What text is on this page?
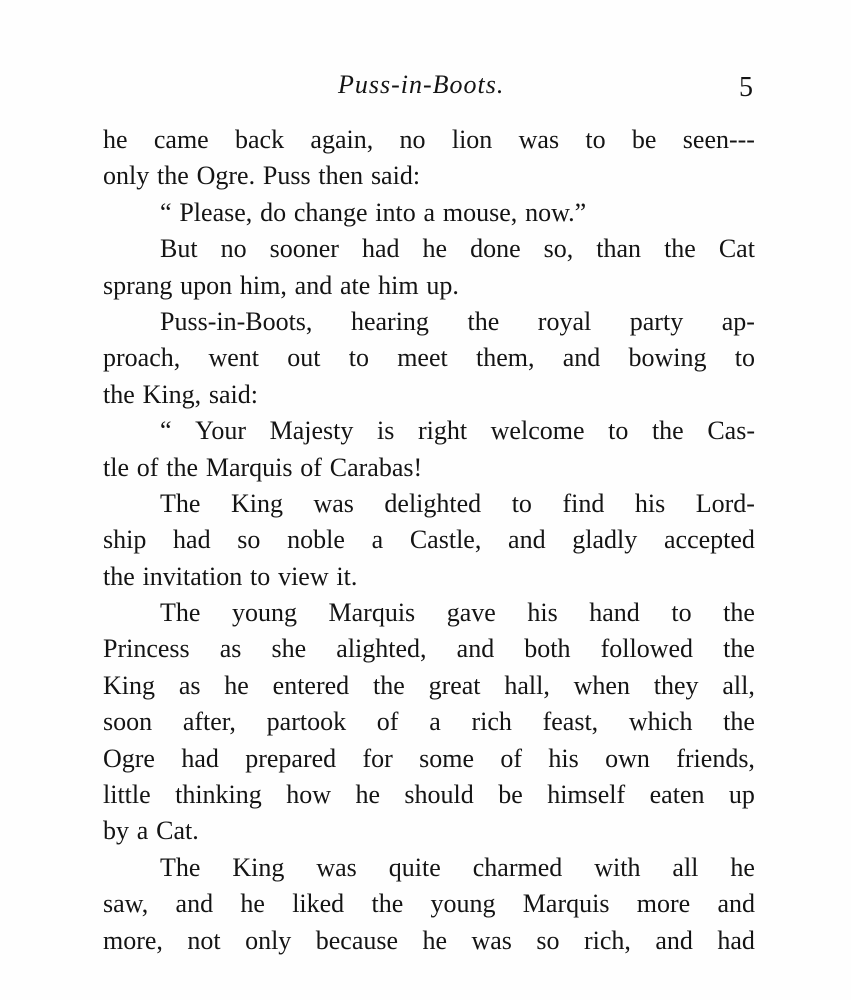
Puss-in-Boots.	5
he came back again, no lion was to be seen---
only the Ogre. Puss then said:
“ Please, do change into a mouse, now.”
But no sooner had he done so, than the Cat
sprang upon him, and ate him up.
Puss-in-Boots, hearing the royal party ap-
proach, went out to meet them, and bowing to
the King, said:
“ Your Majesty is right welcome to the Cas-
tle of the Marquis of Carabas!
The King was delighted to find his Lord-
ship had so noble a Castle, and gladly accepted
the invitation to view it.
The young Marquis gave his hand to the
Princess as she alighted, and both followed the
King as he entered the great hall, when they all,
soon after, partook of a rich feast, which the
Ogre had prepared for some of his own friends,
little thinking how he should be himself eaten up
by a Cat.
The King was quite charmed with all he
saw, and he liked the young Marquis more and
more, not only because he was so rich, and had
